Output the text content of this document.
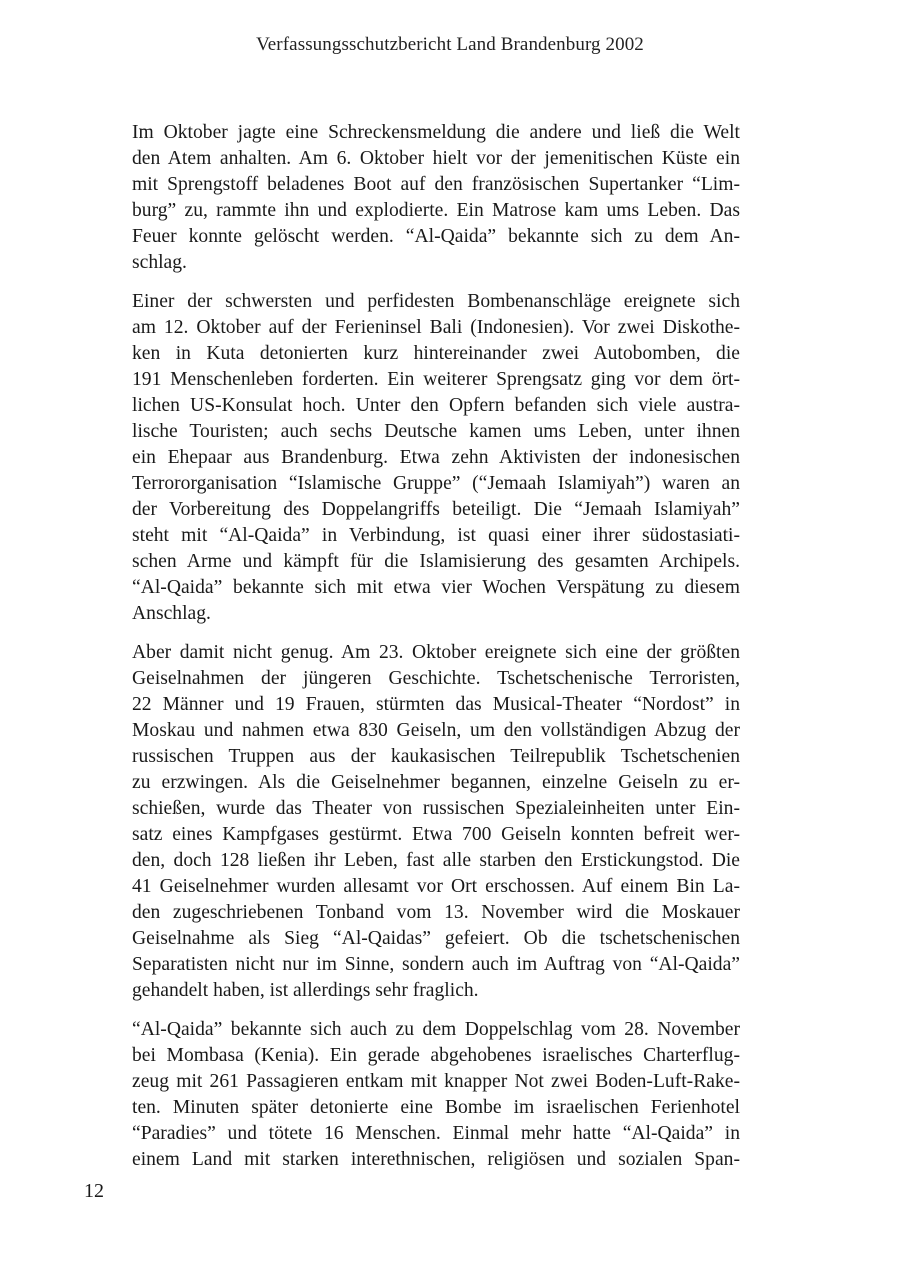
Verfassungsschutzbericht Land Brandenburg 2002
Im Oktober jagte eine Schreckensmeldung die andere und ließ die Welt
den Atem anhalten. Am 6. Oktober hielt vor der jemenitischen Küste ein
mit Sprengstoff beladenes Boot auf den französischen Supertanker “Lim-
burg” zu, rammte ihn und explodierte. Ein Matrose kam ums Leben. Das
Feuer konnte gelöscht werden. “Al-Qaida” bekannte sich zu dem An-
schlag.
Einer der schwersten und perfidesten Bombenanschläge ereignete sich
am 12. Oktober auf der Ferieninsel Bali (Indonesien). Vor zwei Diskothe-
ken in Kuta detonierten kurz hintereinander zwei Autobomben, die
191 Menschenleben forderten. Ein weiterer Sprengsatz ging vor dem ört-
lichen US-Konsulat hoch. Unter den Opfern befanden sich viele austra-
lische Touristen; auch sechs Deutsche kamen ums Leben, unter ihnen
ein Ehepaar aus Brandenburg. Etwa zehn Aktivisten der indonesischen
Terrororganisation “Islamische Gruppe” (“Jemaah Islamiyah”) waren an
der Vorbereitung des Doppelangriffs beteiligt. Die “Jemaah Islamiyah”
steht mit “Al-Qaida” in Verbindung, ist quasi einer ihrer südostasiati-
schen Arme und kämpft für die Islamisierung des gesamten Archipels.
“Al-Qaida” bekannte sich mit etwa vier Wochen Verspätung zu diesem
Anschlag.
Aber damit nicht genug. Am 23. Oktober ereignete sich eine der größten
Geiselnahmen der jüngeren Geschichte. Tschetschenische Terroristen,
22 Männer und 19 Frauen, stürmten das Musical-Theater “Nordost” in
Moskau und nahmen etwa 830 Geiseln, um den vollständigen Abzug der
russischen Truppen aus der kaukasischen Teilrepublik Tschetschenien
zu erzwingen. Als die Geiselnehmer begannen, einzelne Geiseln zu er-
schießen, wurde das Theater von russischen Spezialeinheiten unter Ein-
satz eines Kampfgases gestürmt. Etwa 700 Geiseln konnten befreit wer-
den, doch 128 ließen ihr Leben, fast alle starben den Erstickungstod. Die
41 Geiselnehmer wurden allesamt vor Ort erschossen. Auf einem Bin La-
den zugeschriebenen Tonband vom 13. November wird die Moskauer
Geiselnahme als Sieg “Al-Qaidas” gefeiert. Ob die tschetschenischen
Separatisten nicht nur im Sinne, sondern auch im Auftrag von “Al-Qaida”
gehandelt haben, ist allerdings sehr fraglich.
“Al-Qaida” bekannte sich auch zu dem Doppelschlag vom 28. November
bei Mombasa (Kenia). Ein gerade abgehobenes israelisches Charterflug-
zeug mit 261 Passagieren entkam mit knapper Not zwei Boden-Luft-Rake-
ten. Minuten später detonierte eine Bombe im israelischen Ferienhotel
“Paradies” und tötete 16 Menschen. Einmal mehr hatte “Al-Qaida” in
einem Land mit starken interethnischen, religiösen und sozialen Span-
12
